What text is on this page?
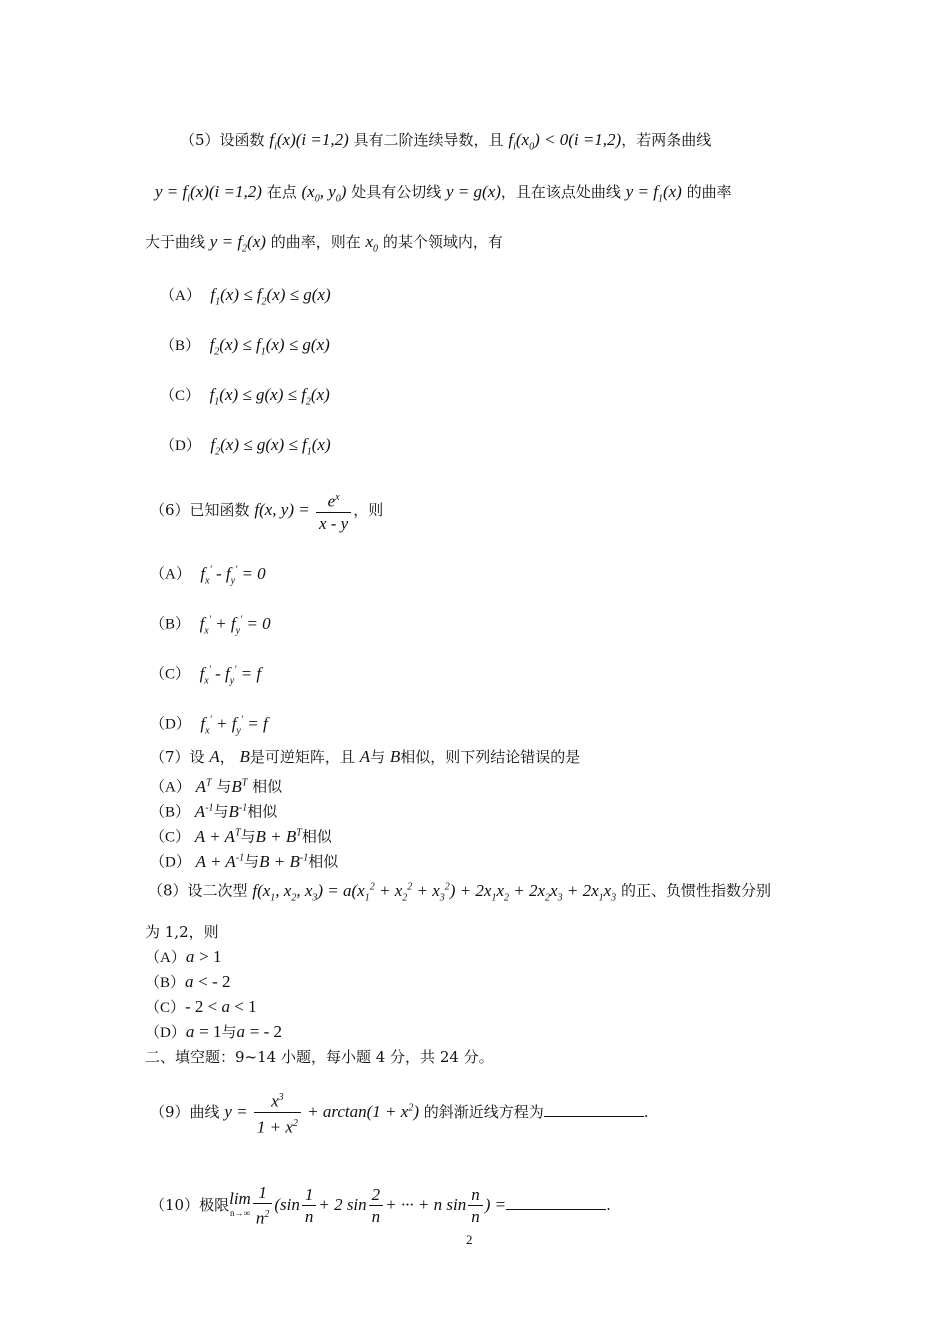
（5）设函数 $f_i(x)(i =1,2)$ 具有二阶连续导数，且 $f_i(x_0) < 0(i =1,2)$，若两条曲线
$y = f_i(x)(i =1,2)$ 在点 ($x_0$, $y_0$) 处具有公切线 y = g(x)，且在该点处曲线 $y = f_1(x)$ 的曲率
大于曲线 $y = f_2(x)$ 的曲率，则在 $x_0$ 的某个领域内，有
（A） $f_1(x) \le f_2(x) \le g(x)$
（B） $f_2(x) \le f_1(x) \le g(x)$
（C） $f_1(x) \le g(x) \le f_2(x)$
（D） $f_2(x) \le g(x) \le f_1(x)$
（6）已知函数 f(x, $y) = \frac{e^x}{x - y}$ ，则
（A） $f_x' - f_y' = 0$
（B） $f_x' + f_y' = 0$
（C） $f_x' - f_y' = f$
（D） $f_x' + f_y' = f$
（7）设 A， B是可逆矩阵，且 A与 B相似，则下列结论错误的是
（A） $A^T$ 与$B^T$ 相似
（B） $A^{-1}$与$B^{-1}$相似
（C） $A + A^T$与$B + B^T$相似
（D） $A + A^{-1}$与$B + B^{-1}$相似
（8）设二次型 $f(x_1$, $x_2$, $x_3) = a(x_1^2 + x_2^2 + x_3^2) + 2x_1x_2 + 2x_2x_3 + 2x_1x_3$ 的正、负惯性指数分别
为 1,2，则
（A）a > 1
（B）a < - 2
（C）- 2 < a < 1
（D）a = 1与a = - 2
二、填空题：9~14 小题，每小题 4 分，共 24 分。
（9）曲线 $y = \frac{x^3}{1 + x^2} + \arctan(1 + x^2)$ 的斜渐近线方程为	.
（10）极限lim
$n\to\infty \frac{1}{n^2} (\sin \frac{1}{n} + 2$ $\sin \frac{2}{n}$ + ··· + n $\sin \frac{n}{n}$ ) =	.
2
